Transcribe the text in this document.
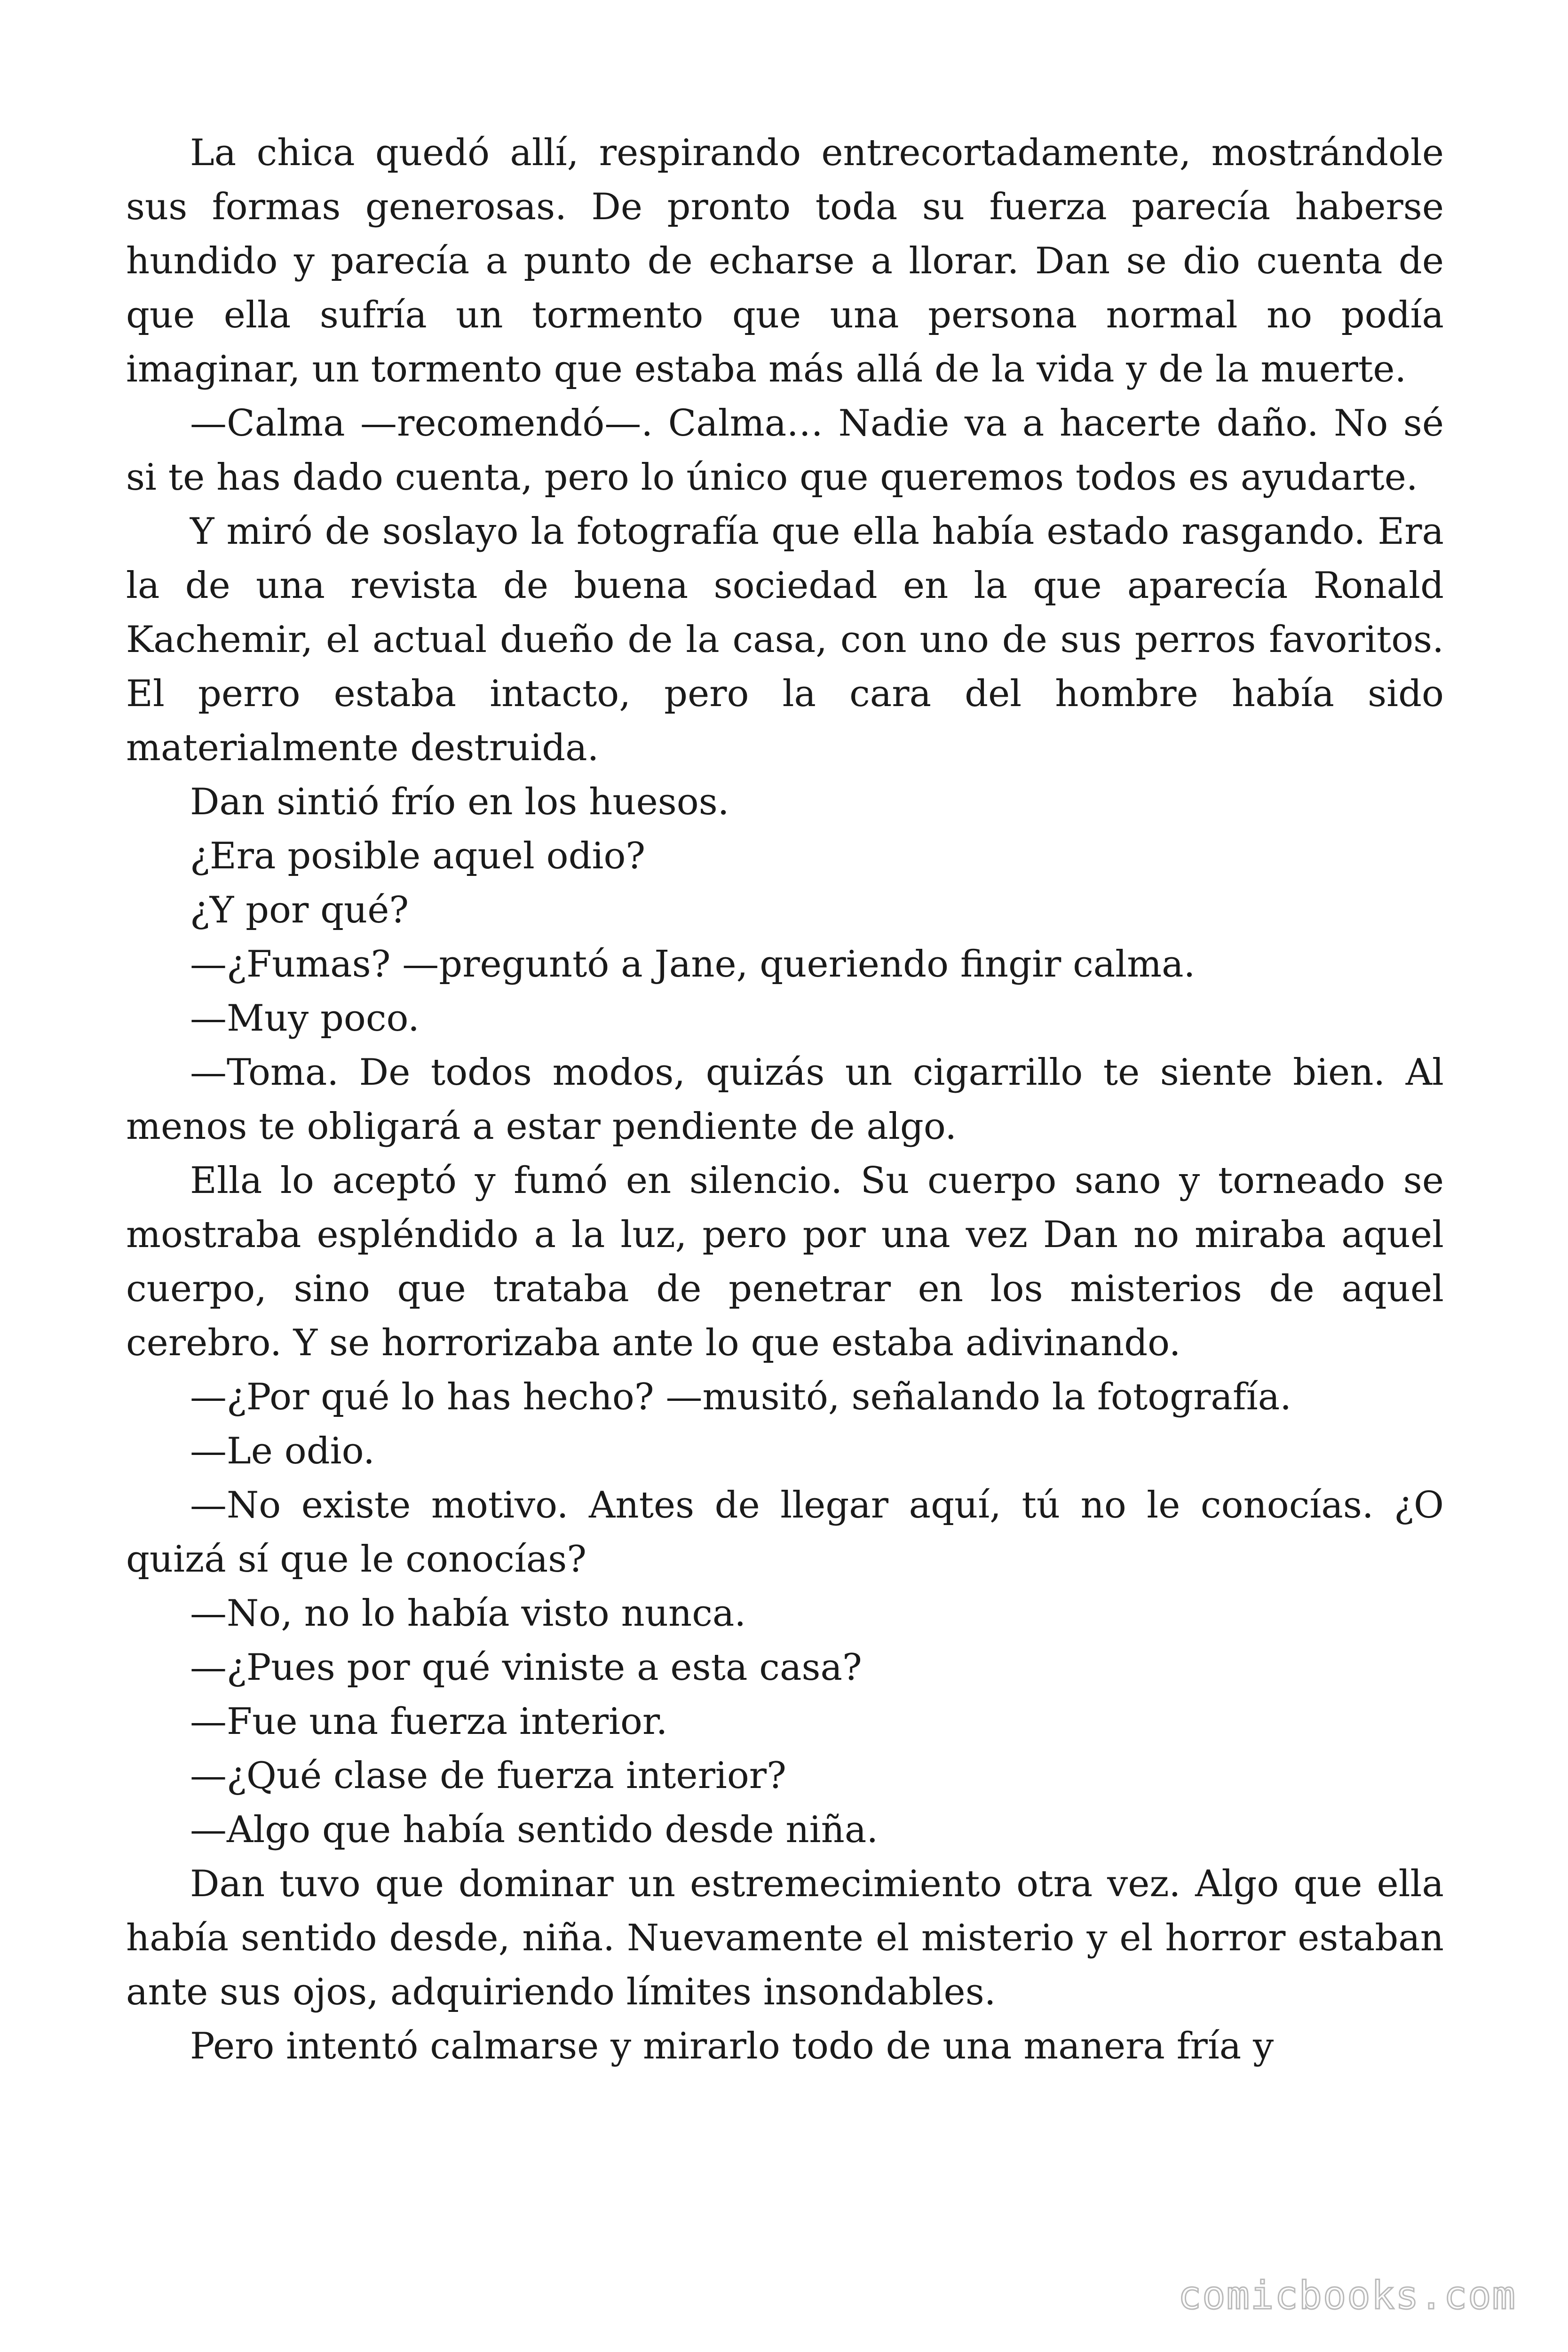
La chica quedó allí, respirando entrecortadamente, mostrándole sus formas generosas. De pronto toda su fuerza parecía haberse hundido y parecía a punto de echarse a llorar. Dan se dio cuenta de que ella sufría un tormento que una persona normal no podía imaginar, un tormento que estaba más allá de la vida y de la muerte.

—Calma —recomendó—. Calma… Nadie va a hacerte daño. No sé si te has dado cuenta, pero lo único que queremos todos es ayudarte.

Y miró de soslayo la fotografía que ella había estado rasgando. Era la de una revista de buena sociedad en la que aparecía Ronald Kachemir, el actual dueño de la casa, con uno de sus perros favoritos. El perro estaba intacto, pero la cara del hombre había sido materialmente destruida.

Dan sintió frío en los huesos.

¿Era posible aquel odio?

¿Y por qué?

—¿Fumas? —preguntó a Jane, queriendo fingir calma.

—Muy poco.

—Toma. De todos modos, quizás un cigarrillo te siente bien. Al menos te obligará a estar pendiente de algo.

Ella lo aceptó y fumó en silencio. Su cuerpo sano y torneado se mostraba espléndido a la luz, pero por una vez Dan no miraba aquel cuerpo, sino que trataba de penetrar en los misterios de aquel cerebro. Y se horrorizaba ante lo que estaba adivinando.

—¿Por qué lo has hecho? —musitó, señalando la fotografía.

—Le odio.

—No existe motivo. Antes de llegar aquí, tú no le conocías. ¿O quizá sí que le conocías?

—No, no lo había visto nunca.

—¿Pues por qué viniste a esta casa?

—Fue una fuerza interior.

—¿Qué clase de fuerza interior?

—Algo que había sentido desde niña.

Dan tuvo que dominar un estremecimiento otra vez. Algo que ella había sentido desde, niña. Nuevamente el misterio y el horror estaban ante sus ojos, adquiriendo límites insondables.

Pero intentó calmarse y mirarlo todo de una manera fría y

comicbooks.com
